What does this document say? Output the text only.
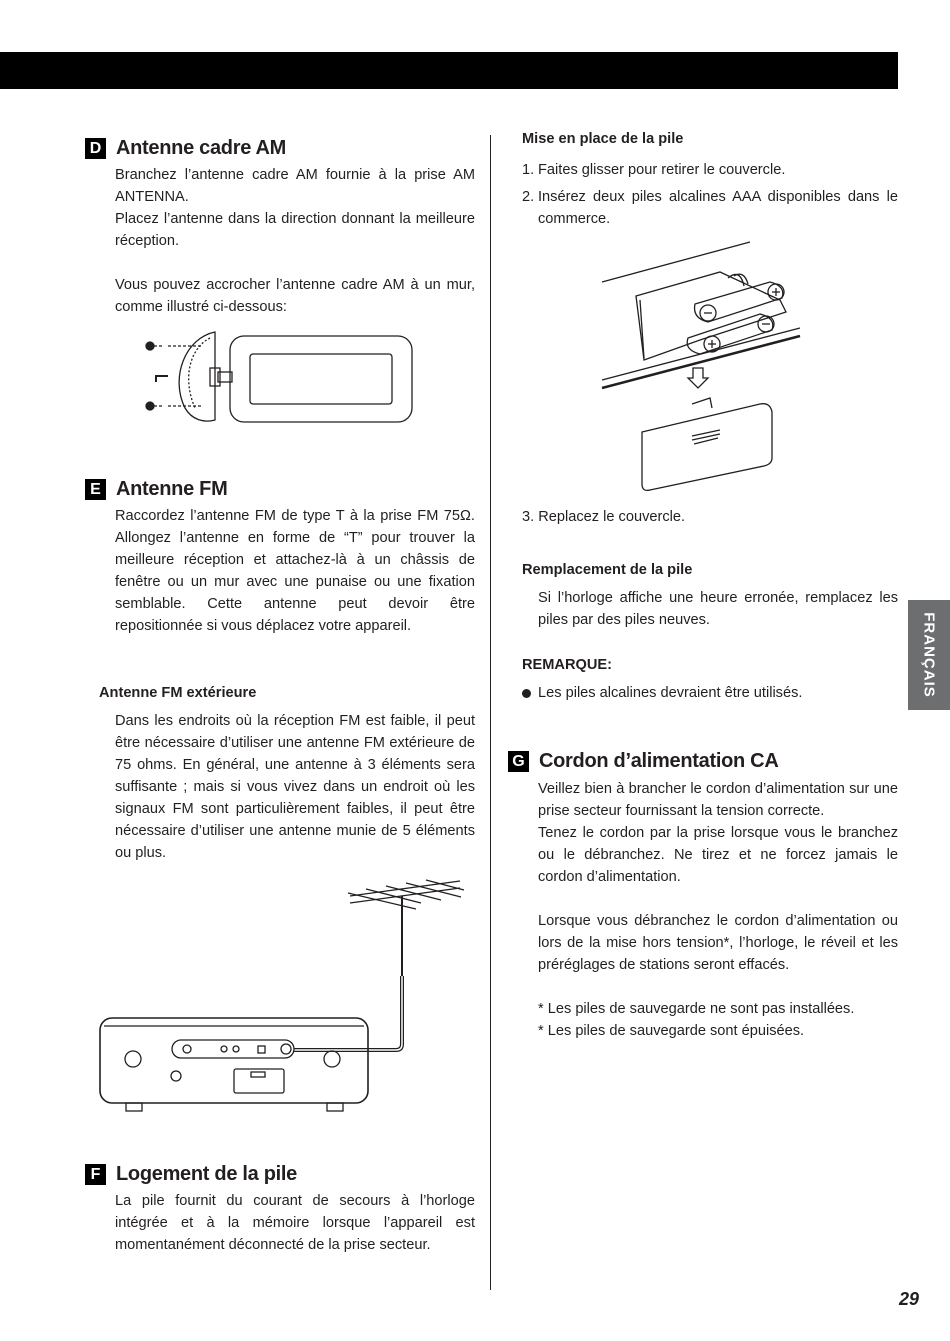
D Antenne cadre AM

Branchez l’antenne cadre AM fournie à la prise AM ANTENNA.

Placez l’antenne dans la direction donnant la meilleure réception.

Vous pouvez accrocher l’antenne cadre AM à un mur, comme illustré ci-dessous:

E Antenne FM

Raccordez l’antenne FM de type T à la prise FM 75Ω. Allongez l’antenne en forme de “T” pour trouver la meilleure réception et attachez-là à un châssis de fenêtre ou un mur avec une punaise ou une fixation semblable. Cette antenne peut devoir être repositionnée si vous déplacez votre appareil.

Antenne FM extérieure

Dans les endroits où la réception FM est faible, il peut être nécessaire d’utiliser une antenne FM extérieure de 75 ohms. En général, une antenne à 3 éléments sera suffisante ; mais si vous vivez dans un endroit où les signaux FM sont particulièrement faibles, il peut être nécessaire d’utiliser une antenne munie de 5 éléments ou plus.

F Logement de la pile

La pile fournit du courant de secours à l’horloge intégrée et à la mémoire lorsque l’appareil est momentanément déconnecté de la prise secteur.

Mise en place de la pile
1. Faites glisser pour retirer le couvercle.
2. Insérez deux piles alcalines AAA disponibles dans le commerce.
3. Replacez le couvercle.
Remplacement de la pile

Si l’horloge affiche une heure erronée, remplacez les piles par des piles neuves.

REMARQUE:
Les piles alcalines devraient être utilisés.
G Cordon d’alimentation CA

Veillez bien à brancher le cordon d’alimentation sur une prise secteur fournissant la tension correcte.

Tenez le cordon par la prise lorsque vous le branchez ou le débranchez. Ne tirez et ne forcez jamais le cordon d’alimentation.

Lorsque vous débranchez le cordon d’alimentation ou lors de la mise hors tension*, l’horloge, le réveil et les préréglages de stations seront effacés.

* Les piles de sauvegarde ne sont pas installées.

* Les piles de sauvegarde sont épuisées.

FRANÇAIS
29
